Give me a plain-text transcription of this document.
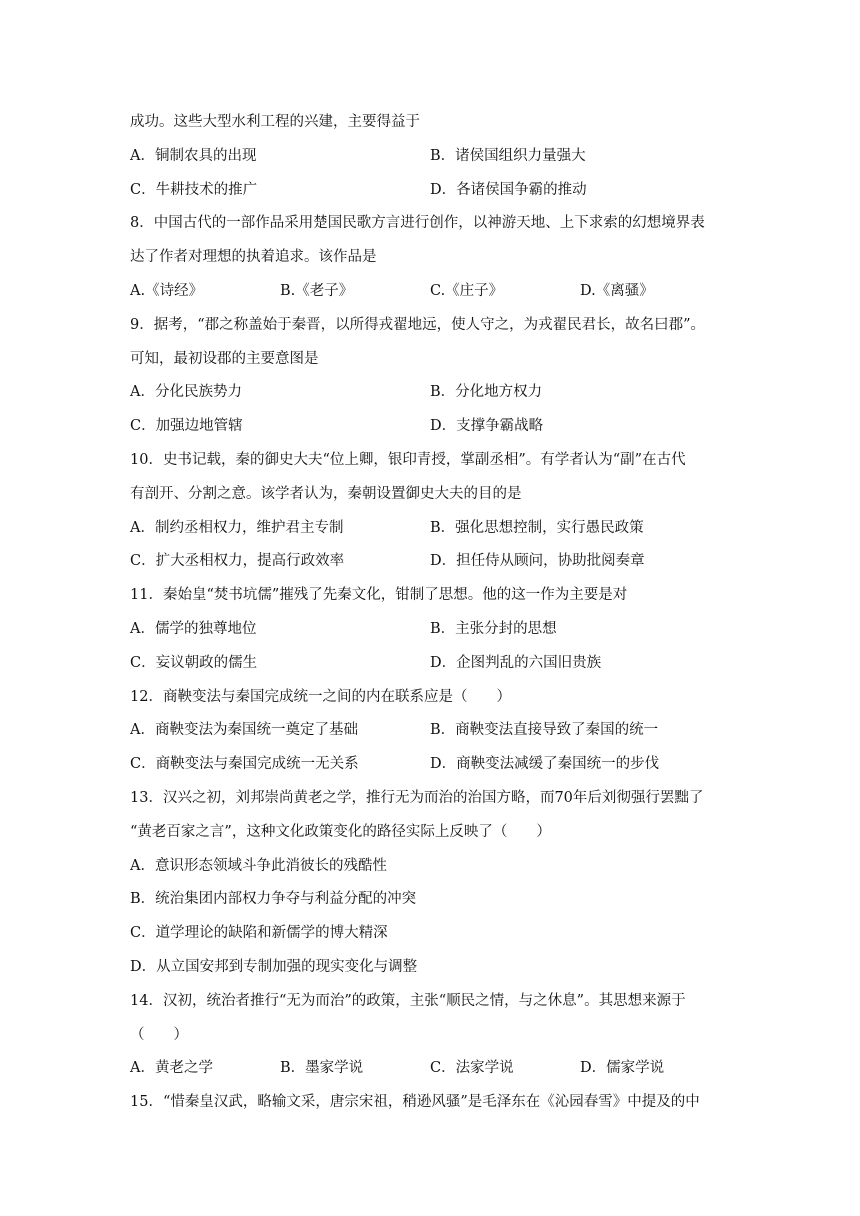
成功。这些大型水利工程的兴建，主要得益于
A．铜制农具的出现	B．诸侯国组织力量强大
C．牛耕技术的推广	D．各诸侯国争霸的推动
8．中国古代的一部作品采用楚国民歌方言进行创作，以神游天地、上下求索的幻想境界表
达了作者对理想的执着追求。该作品是
A.《诗经》	B.《老子》	C.《庄子》	D.《离骚》
9．据考，“郡之称盖始于秦晋，以所得戎翟地远，使人守之，为戎翟民君长，故名曰郡”。
可知，最初设郡的主要意图是
A．分化民族势力	B．分化地方权力
C．加强边地管辖	D．支撑争霸战略
10．史书记载，秦的御史大夫“位上卿，银印青授，掌副丞相”。有学者认为“副”在古代
有剖开、分割之意。该学者认为，秦朝设置御史大夫的目的是
A．制约丞相权力，维护君主专制	B．强化思想控制，实行愚民政策
C．扩大丞相权力，提高行政效率	D．担任侍从顾问，协助批阅奏章
11．秦始皇“焚书坑儒”摧残了先秦文化，钳制了思想。他的这一作为主要是对
A．儒学的独尊地位	B．主张分封的思想
C．妄议朝政的儒生	D．企图判乱的六国旧贵族
12．商鞅变法与秦国完成统一之间的内在联系应是（　　）
A．商鞅变法为秦国统一奠定了基础	B．商鞅变法直接导致了秦国的统一
C．商鞅变法与秦国完成统一无关系	D．商鞅变法减缓了秦国统一的步伐
13．汉兴之初，刘邦崇尚黄老之学，推行无为而治的治国方略，而70年后刘彻强行罢黜了
“黄老百家之言”，这种文化政策变化的路径实际上反映了（　　）
A．意识形态领域斗争此消彼长的残酷性
B．统治集团内部权力争夺与利益分配的冲突
C．道学理论的缺陷和新儒学的博大精深
D．从立国安邦到专制加强的现实变化与调整
14．汉初，统治者推行“无为而治”的政策，主张“顺民之情，与之休息”。其思想来源于
（　　）
A．黄老之学	B．墨家学说	C．法家学说	D．儒家学说
15．“惜秦皇汉武，略输文采，唐宗宋祖，稍逊风骚”是毛泽东在《沁园春雪》中提及的中
